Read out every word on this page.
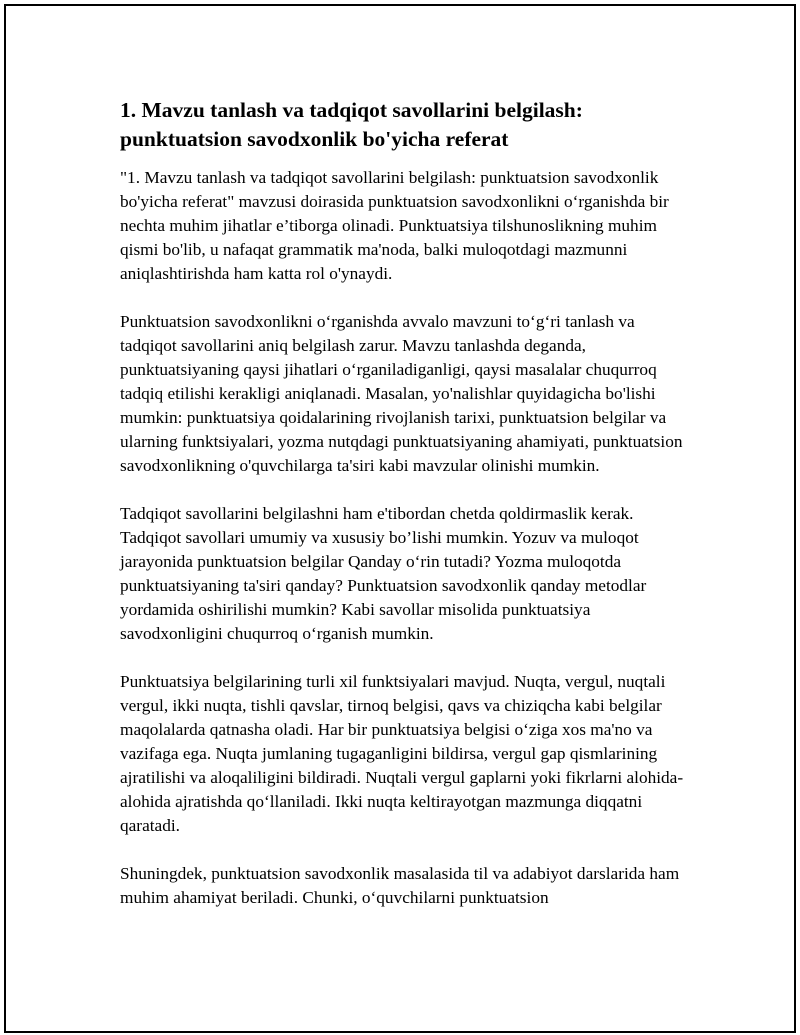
1. Mavzu tanlash va tadqiqot savollarini belgilash: punktuatsion savodxonlik bo'yicha referat

"1. Mavzu tanlash va tadqiqot savollarini belgilash: punktuatsion savodxonlik bo'yicha referat" mavzusi doirasida punktuatsion savodxonlikni o‘rganishda bir nechta muhim jihatlar e’tiborga olinadi. Punktuatsiya tilshunoslikning muhim qismi bo'lib, u nafaqat grammatik ma'noda, balki muloqotdagi mazmunni aniqlashtirishda ham katta rol o'ynaydi.

Punktuatsion savodxonlikni o‘rganishda avvalo mavzuni to‘g‘ri tanlash va tadqiqot savollarini aniq belgilash zarur. Mavzu tanlashda deganda, punktuatsiyaning qaysi jihatlari o‘rganiladiganligi, qaysi masalalar chuqurroq tadqiq etilishi kerakligi aniqlanadi. Masalan, yo'nalishlar quyidagicha bo'lishi mumkin: punktuatsiya qoidalarining rivojlanish tarixi, punktuatsion belgilar va ularning funktsiyalari, yozma nutqdagi punktuatsiyaning ahamiyati, punktuatsion savodxonlikning o'quvchilarga ta'siri kabi mavzular olinishi mumkin.

Tadqiqot savollarini belgilashni ham e'tibordan chetda qoldirmaslik kerak. Tadqiqot savollari umumiy va xususiy bo’lishi mumkin. Yozuv va muloqot jarayonida punktuatsion belgilar Qanday o‘rin tutadi? Yozma muloqotda punktuatsiyaning ta'siri qanday? Punktuatsion savodxonlik qanday metodlar yordamida oshirilishi mumkin? Kabi savollar misolida punktuatsiya savodxonligini chuqurroq o‘rganish mumkin.

Punktuatsiya belgilarining turli xil funktsiyalari mavjud. Nuqta, vergul, nuqtali vergul, ikki nuqta, tishli qavslar, tirnoq belgisi, qavs va chiziqcha kabi belgilar maqolalarda qatnasha oladi. Har bir punktuatsiya belgisi o‘ziga xos ma'no va vazifaga ega. Nuqta jumlaning tugaganligini bildirsa, vergul gap qismlarining ajratilishi va aloqaliligini bildiradi. Nuqtali vergul gaplarni yoki fikrlarni alohida-alohida ajratishda qo‘llaniladi. Ikki nuqta keltirayotgan mazmunga diqqatni qaratadi.

Shuningdek, punktuatsion savodxonlik masalasida til va adabiyot darslarida ham muhim ahamiyat beriladi. Chunki, o‘quvchilarni punktuatsion
